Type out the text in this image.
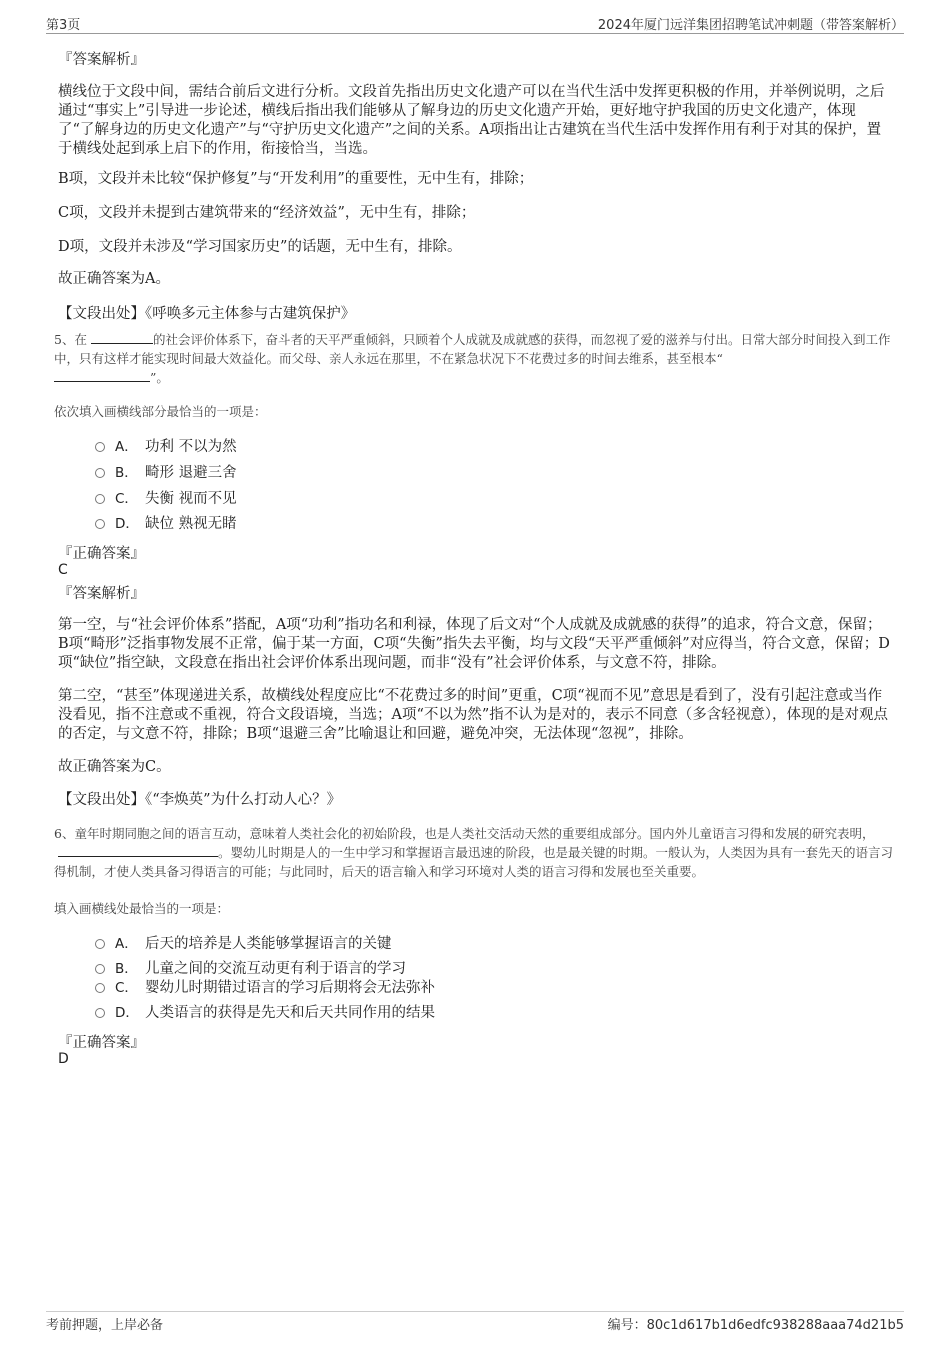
第3页	2024年厦门远洋集团招聘笔试冲刺题（带答案解析）
『答案解析』
横线位于文段中间，需结合前后文进行分析。文段首先指出历史文化遗产可以在当代生活中发挥更积极的作用，并举例说明，之后通过“事实上”引导进一步论述，横线后指出我们能够从了解身边的历史文化遗产开始，更好地守护我国的历史文化遗产，体现了“了解身边的历史文化遗产”与“守护历史文化遗产”之间的关系。A项指出让古建筑在当代生活中发挥作用有利于对其的保护，置于横线处起到承上启下的作用，衔接恰当，当选。
B项，文段并未比较“保护修复”与“开发利用”的重要性，无中生有，排除；
C项，文段并未提到古建筑带来的“经济效益”，无中生有，排除；
D项，文段并未涉及“学习国家历史”的话题，无中生有，排除。
故正确答案为A。
【文段出处】《呼唤多元主体参与古建筑保护》
5、在	的社会评价体系下，奋斗者的天平严重倾斜，只顾着个人成就及成就感的获得，而忽视了爱的滋养与付出。日常大部分时间投入到工作中，只有这样才能实现时间最大效益化。而父母、亲人永远在那里，不在紧急状况下不花费过多的时间去维系，甚至根本“
”。
依次填入画横线部分最恰当的一项是：
A． 功利 不以为然
B． 畸形 退避三舍
C． 失衡 视而不见
D． 缺位 熟视无睹
『正确答案』
C
『答案解析』
第一空，与“社会评价体系”搭配，A项“功利”指功名和利禄，体现了后文对“个人成就及成就感的获得”的追求，符合文意，保留；B项“畸形”泛指事物发展不正常，偏于某一方面，C项“失衡”指失去平衡，均与文段“天平严重倾斜”对应得当，符合文意，保留；D项“缺位”指空缺，文段意在指出社会评价体系出现问题，而非“没有”社会评价体系，与文意不符，排除。
第二空，“甚至”体现递进关系，故横线处程度应比“不花费过多的时间”更重，C项“视而不见”意思是看到了，没有引起注意或当作没看见，指不注意或不重视，符合文段语境，当选；A项“不以为然”指不认为是对的，表示不同意（多含轻视意），体现的是对观点的否定，与文意不符，排除；B项“退避三舍”比喻退让和回避，避免冲突，无法体现“忽视”，排除。
故正确答案为C。
【文段出处】《“李焕英”为什么打动人心？》
6、童年时期同胞之间的语言互动，意味着人类社会化的初始阶段，也是人类社交活动天然的重要组成部分。国内外儿童语言习得和发展的研究表明， 。婴幼儿时期是人的一生中学习和掌握语言最迅速的阶段，也是最关键的时期。一般认为，人类因为具有一套先天的语言习得机制，才使人类具备习得语言的可能；与此同时，后天的语言输入和学习环境对人类的语言习得和发展也至关重要。
填入画横线处最恰当的一项是：
A． 后天的培养是人类能够掌握语言的关键
B． 儿童之间的交流互动更有利于语言的学习
C． 婴幼儿时期错过语言的学习后期将会无法弥补
D． 人类语言的获得是先天和后天共同作用的结果
『正确答案』
D
考前押题，上岸必备	编号：80c1d617b1d6edfc938288aaa74d21b5
